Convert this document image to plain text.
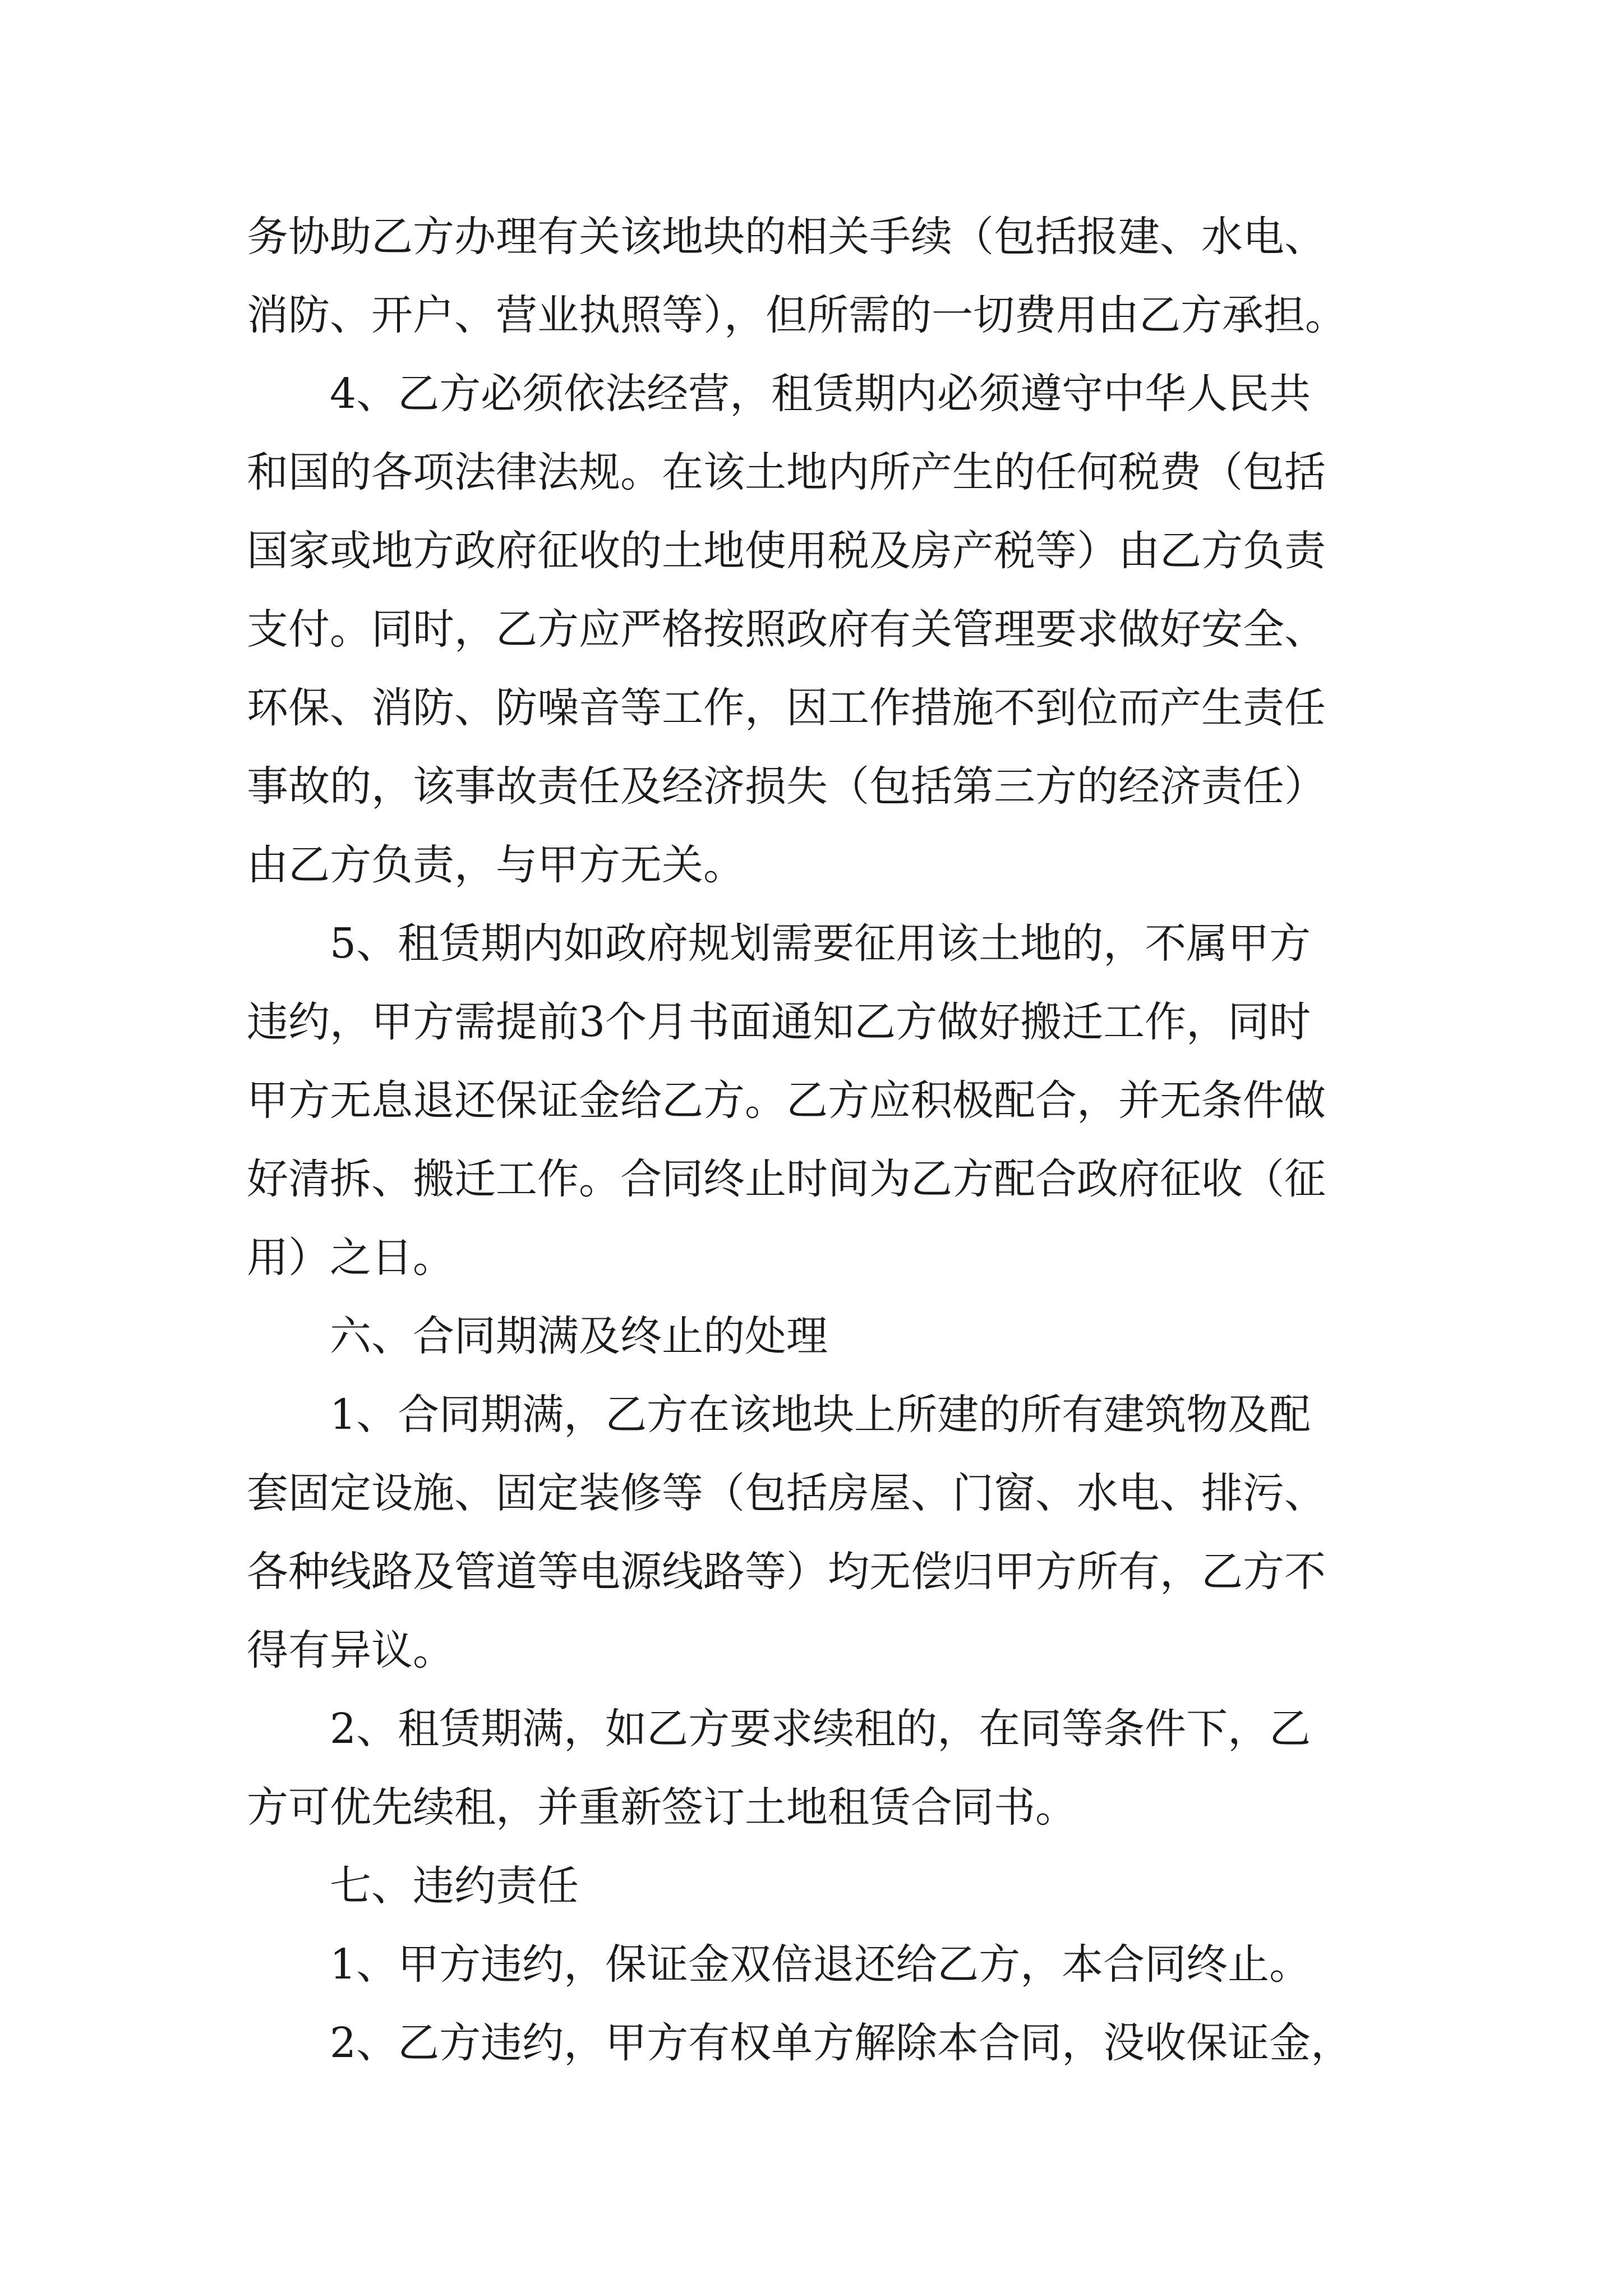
务协助乙方办理有关该地块的相关手续（包括报建、水电、
消防、开户、营业执照等），但所需的一切费用由乙方承担。
4、乙方必须依法经营，租赁期内必须遵守中华人民共
和国的各项法律法规。在该土地内所产生的任何税费（包括
国家或地方政府征收的土地使用税及房产税等）由乙方负责
支付。同时，乙方应严格按照政府有关管理要求做好安全、
环保、消防、防噪音等工作，因工作措施不到位而产生责任
事故的，该事故责任及经济损失（包括第三方的经济责任）
由乙方负责，与甲方无关。
5、租赁期内如政府规划需要征用该土地的，不属甲方
违约，甲方需提前3个月书面通知乙方做好搬迁工作，同时
甲方无息退还保证金给乙方。乙方应积极配合，并无条件做
好清拆、搬迁工作。合同终止时间为乙方配合政府征收（征
用）之日。
六、合同期满及终止的处理
1、合同期满，乙方在该地块上所建的所有建筑物及配
套固定设施、固定装修等（包括房屋、门窗、水电、排污、
各种线路及管道等电源线路等）均无偿归甲方所有，乙方不
得有异议。
2、租赁期满，如乙方要求续租的，在同等条件下，乙
方可优先续租，并重新签订土地租赁合同书。
七、违约责任
1、甲方违约，保证金双倍退还给乙方，本合同终止。
2、乙方违约，甲方有权单方解除本合同，没收保证金，
